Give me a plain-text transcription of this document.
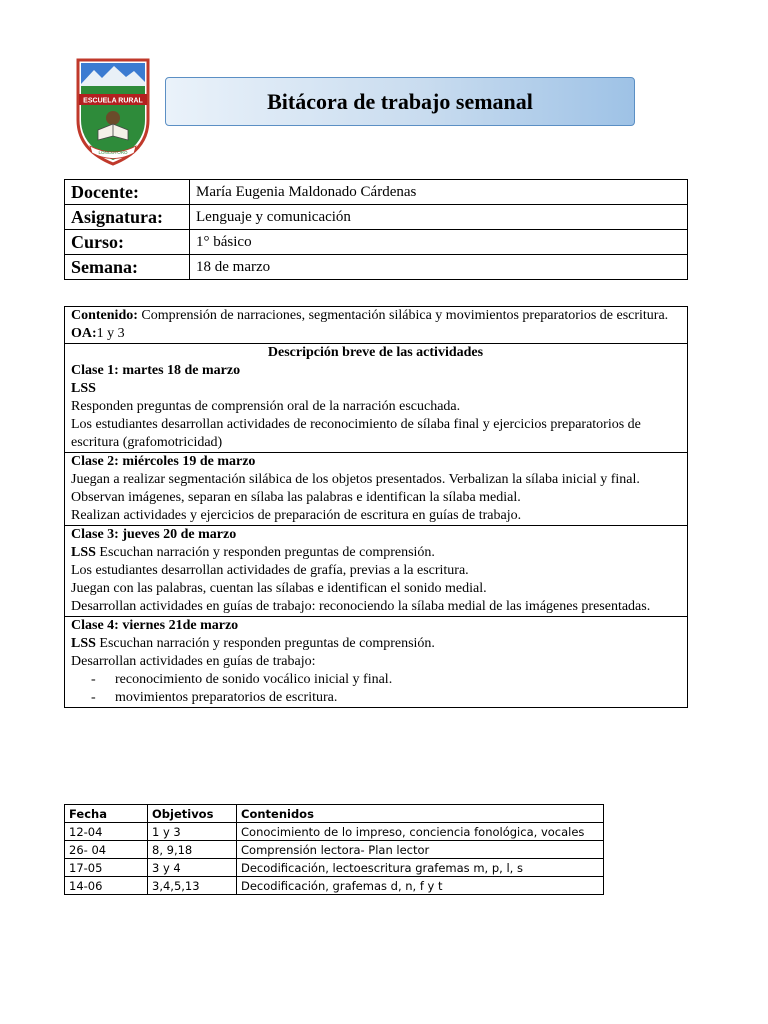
ESCUELA RURAL
LONCOTORO
Bitácora de trabajo semanal
Docente:	María Eugenia Maldonado Cárdenas
Asignatura:	Lenguaje y comunicación
Curso:	1° básico
Semana:	18 de marzo
Contenido: Comprensión de narraciones, segmentación silábica y movimientos preparatorios de escritura.
OA:1 y 3

Descripción breve de las actividades
Clase 1: martes 18 de marzo
LSS
Responden preguntas de comprensión oral de la narración escuchada.
Los estudiantes desarrollan actividades de reconocimiento de sílaba final y ejercicios preparatorios de escritura (grafomotricidad)

Clase 2: miércoles 19 de marzo
Juegan a realizar segmentación silábica de los objetos presentados. Verbalizan la sílaba inicial y final.
Observan imágenes, separan en sílaba las palabras e identifican la sílaba medial.
Realizan actividades y ejercicios de preparación de escritura en guías de trabajo.

Clase 3: jueves 20 de marzo
LSS Escuchan narración y responden preguntas de comprensión.
Los estudiantes desarrollan actividades de grafía, previas a la escritura.
Juegan con las palabras, cuentan las sílabas e identifican el sonido medial.
Desarrollan actividades en guías de trabajo: reconociendo la sílaba medial de las imágenes presentadas.

Clase 4: viernes 21de marzo
LSS Escuchan narración y responden preguntas de comprensión.
Desarrollan actividades en guías de trabajo:
- reconocimiento de sonido vocálico inicial y final.
- movimientos preparatorios de escritura.
Fecha	Objetivos	Contenidos
12-04	1 y 3	Conocimiento de lo impreso, conciencia fonológica, vocales
26- 04	8, 9,18	Comprensión lectora- Plan lector
17-05	3 y 4	Decodificación, lectoescritura grafemas m, p, l, s
14-06	3,4,5,13	Decodificación, grafemas d, n, f y t
